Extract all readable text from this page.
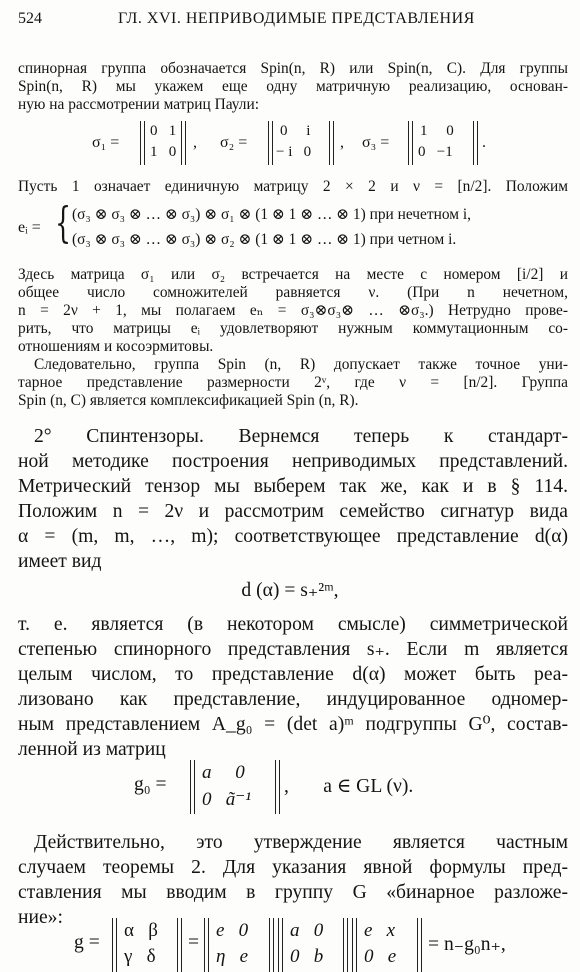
524	ГЛ. XVI. НЕПРИВОДИМЫЕ ПРЕДСТАВЛЕНИЯ
спинорная группа обозначается Spin(n, R) или Spin(n, C). Для группы
Spin(n, R) мы укажем еще одну матричную реализацию, основан-
ную на рассмотрении матриц Паули:
σ₁ =
0   1
1   0
, σ₂ =
0     i
− i   0
, σ₃ =
1     0
0   −1
.
Пусть 1 означает единичную матрицу 2 × 2 и ν = [n/2]. Положим
eᵢ = { (σ₃ ⊗ σ₃ ⊗ … ⊗ σ₃) ⊗ σ₁ ⊗ (1 ⊗ 1 ⊗ … ⊗ 1) при нечетном i,
(σ₃ ⊗ σ₃ ⊗ … ⊗ σ₃) ⊗ σ₂ ⊗ (1 ⊗ 1 ⊗ … ⊗ 1) при четном i.
Здесь матрица σ₁ или σ₂ встречается на месте с номером [i/2] и
общее число сомножителей равняется ν. (При n нечетном,
n = 2ν + 1, мы полагаем eₙ = σ₃⊗σ₃⊗ … ⊗σ₃.) Нетрудно прове-
рить, что матрицы eᵢ удовлетворяют нужным коммутационным со-
отношениям и косоэрмитовы.
Следовательно, группа Spin (n, R) допускает также точное уни-
тарное представление размерности 2ᵛ, где ν = [n/2]. Группа
Spin (n, C) является комплексификацией Spin (n, R).
2° Спинтензоры. Вернемся теперь к стандарт-
ной методике построения неприводимых представлений.
Метрический тензор мы выберем так же, как и в § 114.
Положим n = 2ν и рассмотрим семейство сигнатур вида
α = (m, m, …, m); соответствующее представление d(α)
имеет вид
d (α) = s₊²ᵐ,
т. е. является (в некотором смысле) симметрической
степенью спинорного представления s₊. Если m является
целым числом, то представление d(α) может быть реа-
лизовано как представление, индуцированное одномер-
ным представлением A_g₀ = (det a)ᵐ подгруппы G⁰, состав-
ленной из матриц
g₀ =
a     0
0   ã⁻¹
,       a ∈ GL (ν).
Действительно, это утверждение является частным
случаем теоремы 2. Для указания явной формулы пред-
ставления мы вводим в группу G «бинарное разложе-
ние»:
g =
α   β
γ   δ
=
e   0
η   e
a   0
0   b
e   x
0   e
= n₋g₀n₊,
